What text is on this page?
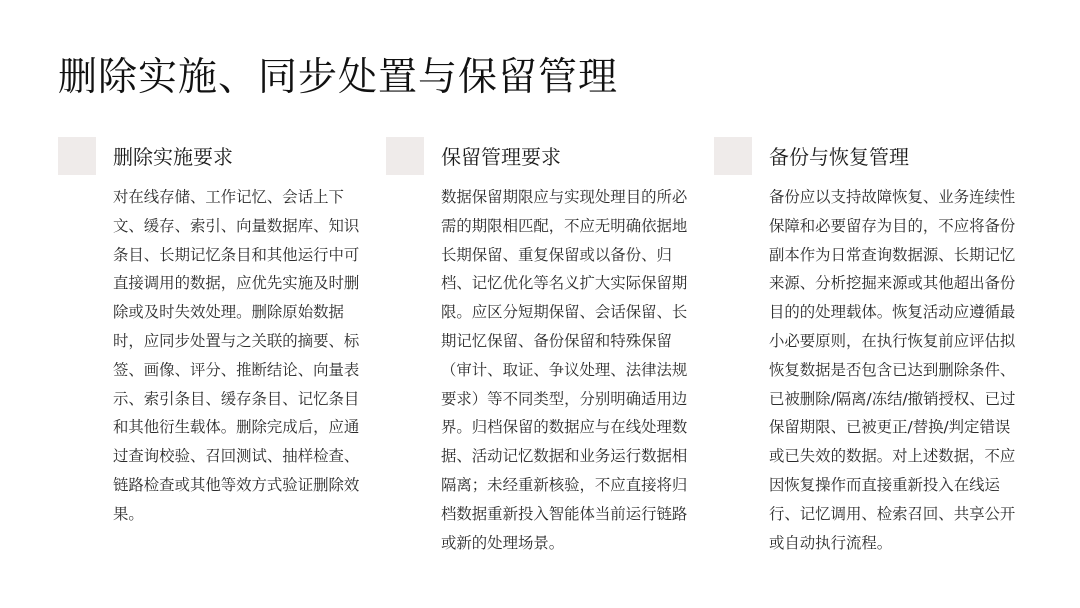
删除实施、同步处置与保留管理
删除实施要求
对在线存储、工作记忆、会话上下文、缓存、索引、向量数据库、知识条目、长期记忆条目和其他运行中可直接调用的数据，应优先实施及时删除或及时失效处理。删除原始数据时，应同步处置与之关联的摘要、标签、画像、评分、推断结论、向量表示、索引条目、缓存条目、记忆条目和其他衍生载体。删除完成后，应通过查询校验、召回测试、抽样检查、链路检查或其他等效方式验证删除效果。
保留管理要求
数据保留期限应与实现处理目的所必需的期限相匹配，不应无明确依据地长期保留、重复保留或以备份、归档、记忆优化等名义扩大实际保留期限。应区分短期保留、会话保留、长期记忆保留、备份保留和特殊保留（审计、取证、争议处理、法律法规要求）等不同类型，分别明确适用边界。归档保留的数据应与在线处理数据、活动记忆数据和业务运行数据相隔离；未经重新核验，不应直接将归档数据重新投入智能体当前运行链路或新的处理场景。
备份与恢复管理
备份应以支持故障恢复、业务连续性保障和必要留存为目的，不应将备份副本作为日常查询数据源、长期记忆来源、分析挖掘来源或其他超出备份目的的处理载体。恢复活动应遵循最小必要原则，在执行恢复前应评估拟恢复数据是否包含已达到删除条件、已被删除/隔离/冻结/撤销授权、已过保留期限、已被更正/替换/判定错误或已失效的数据。对上述数据，不应因恢复操作而直接重新投入在线运行、记忆调用、检索召回、共享公开或自动执行流程。
